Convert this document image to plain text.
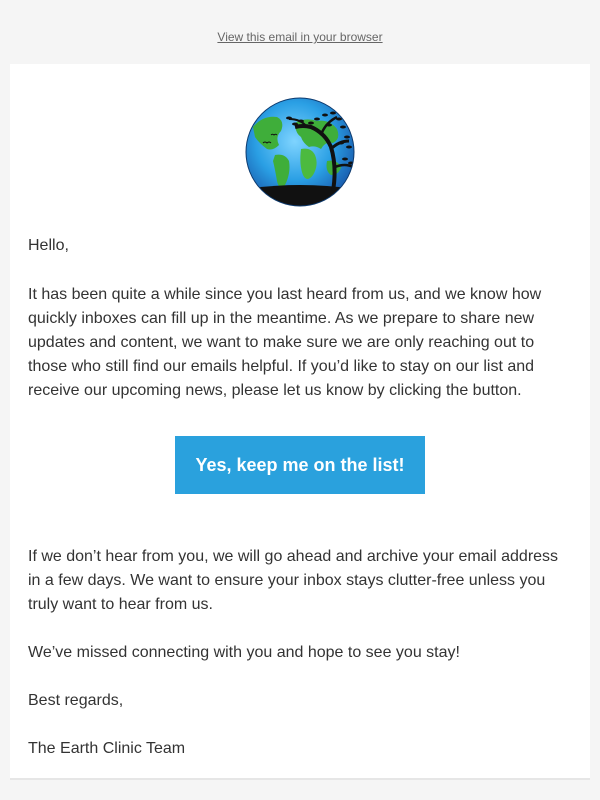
View this email in your browser

Hello,

It has been quite a while since you last heard from us, and we know how quickly inboxes can fill up in the meantime. As we prepare to share new updates and content, we want to make sure we are only reaching out to those who still find our emails helpful. If you’d like to stay on our list and receive our upcoming news, please let us know by clicking the button.

Yes, keep me on the list!

If we don’t hear from you, we will go ahead and archive your email address in a few days. We want to ensure your inbox stays clutter-free unless you truly want to hear from us.

We’ve missed connecting with you and hope to see you stay!

Best regards,

The Earth Clinic Team
